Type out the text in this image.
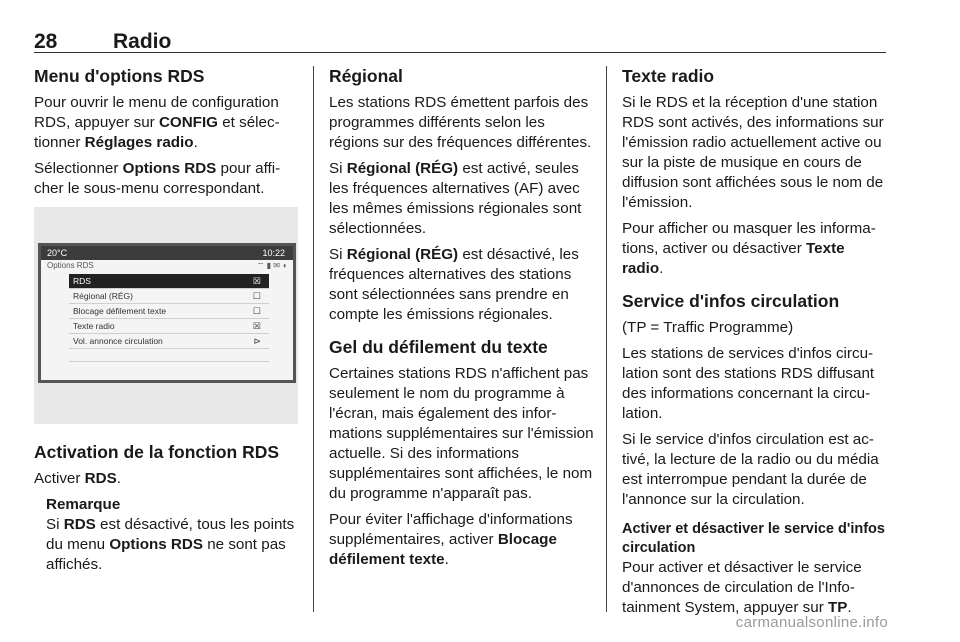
28	Radio
Menu d'options RDS

Pour ouvrir le menu de configuration RDS, appuyer sur CONFIG et sélectionner Réglages radio.

Sélectionner Options RDS pour afficher le sous-menu correspondant.

20°C	10:22
Options RDS	⌔ ▮ ✉ ◖
RDS	☒
Régional (RÉG)	☐
Blocage défilement texte	☐
Texte radio	☒
Vol. annonce circulation	⊳
Activation de la fonction RDS

Activer RDS.

Remarque
Si RDS est désactivé, tous les points du menu Options RDS ne sont pas affichés.
Régional

Les stations RDS émettent parfois des programmes différents selon les régions sur des fréquences différentes.

Si Régional (RÉG) est activé, seules les fréquences alternatives (AF) avec les mêmes émissions régionales sont sélectionnées.

Si Régional (RÉG) est désactivé, les fréquences alternatives des stations sont sélectionnées sans prendre en compte les émissions régionales.

Gel du défilement du texte

Certaines stations RDS n'affichent pas seulement le nom du programme à l'écran, mais également des informations supplémentaires sur l'émission actuelle. Si des informations supplémentaires sont affichées, le nom du programme n'apparaît pas.

Pour éviter l'affichage d'informations supplémentaires, activer Blocage défilement texte.

Texte radio

Si le RDS et la réception d'une station RDS sont activés, des informations sur l'émission radio actuellement active ou sur la piste de musique en cours de diffusion sont affichées sous le nom de l'émission.

Pour afficher ou masquer les informations, activer ou désactiver Texte radio.

Service d'infos circulation

(TP = Traffic Programme)

Les stations de services d'infos circulation sont des stations RDS diffusant des informations concernant la circulation.

Si le service d'infos circulation est activé, la lecture de la radio ou du média est interrompue pendant la durée de l'annonce sur la circulation.

Activer et désactiver le service d'infos circulation

Pour activer et désactiver le service d'annonces de circulation de l'Infotainment System, appuyer sur TP.

carmanualsonline.info
